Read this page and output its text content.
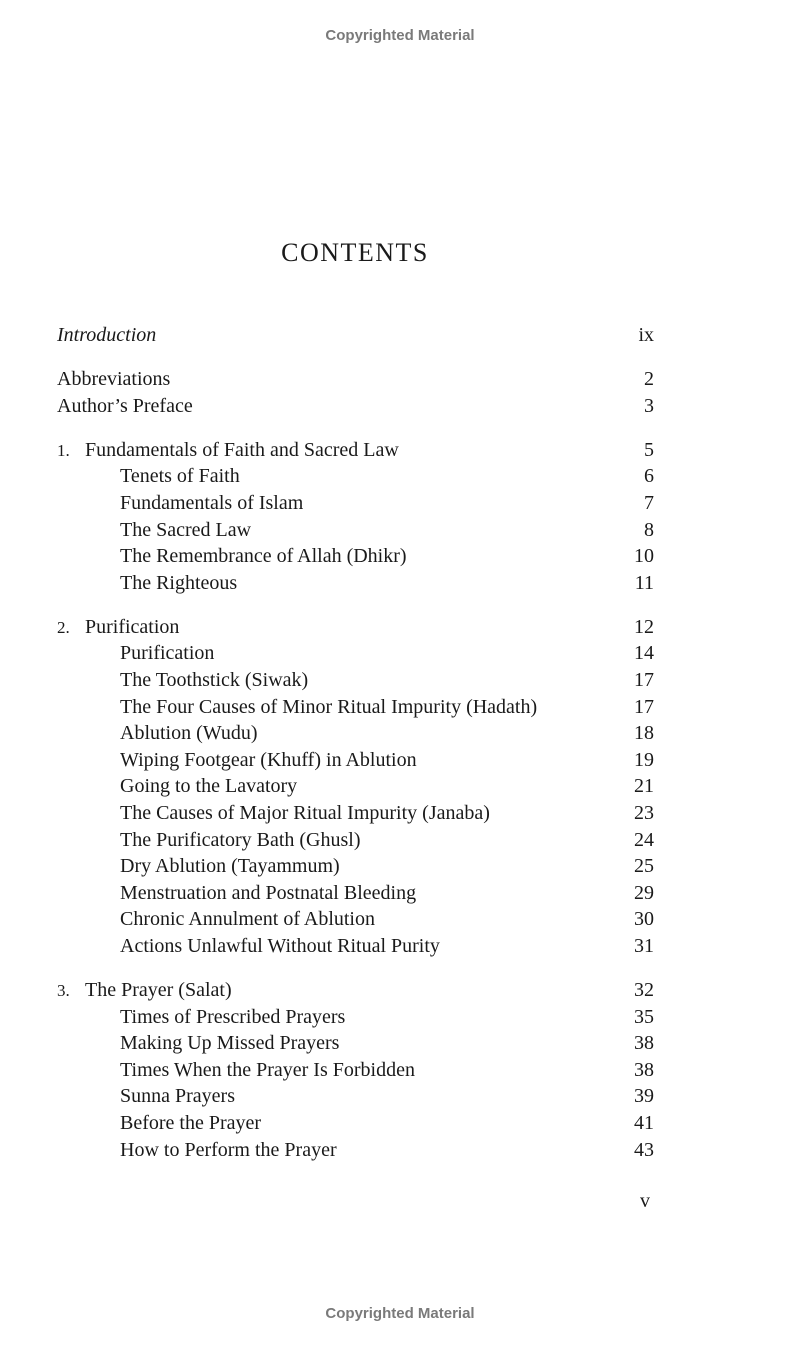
Copyrighted Material
CONTENTS
Introduction	ix
Abbreviations	2
Author’s Preface	3
1. Fundamentals of Faith and Sacred Law	5
Tenets of Faith	6
Fundamentals of Islam	7
The Sacred Law	8
The Remembrance of Allah (Dhikr)	10
The Righteous	11
2. Purification	12
Purification	14
The Toothstick (Siwak)	17
The Four Causes of Minor Ritual Impurity (Hadath)	17
Ablution (Wudu)	18
Wiping Footgear (Khuff) in Ablution	19
Going to the Lavatory	21
The Causes of Major Ritual Impurity (Janaba)	23
The Purificatory Bath (Ghusl)	24
Dry Ablution (Tayammum)	25
Menstruation and Postnatal Bleeding	29
Chronic Annulment of Ablution	30
Actions Unlawful Without Ritual Purity	31
3. The Prayer (Salat)	32
Times of Prescribed Prayers	35
Making Up Missed Prayers	38
Times When the Prayer Is Forbidden	38
Sunna Prayers	39
Before the Prayer	41
How to Perform the Prayer	43
v
Copyrighted Material
